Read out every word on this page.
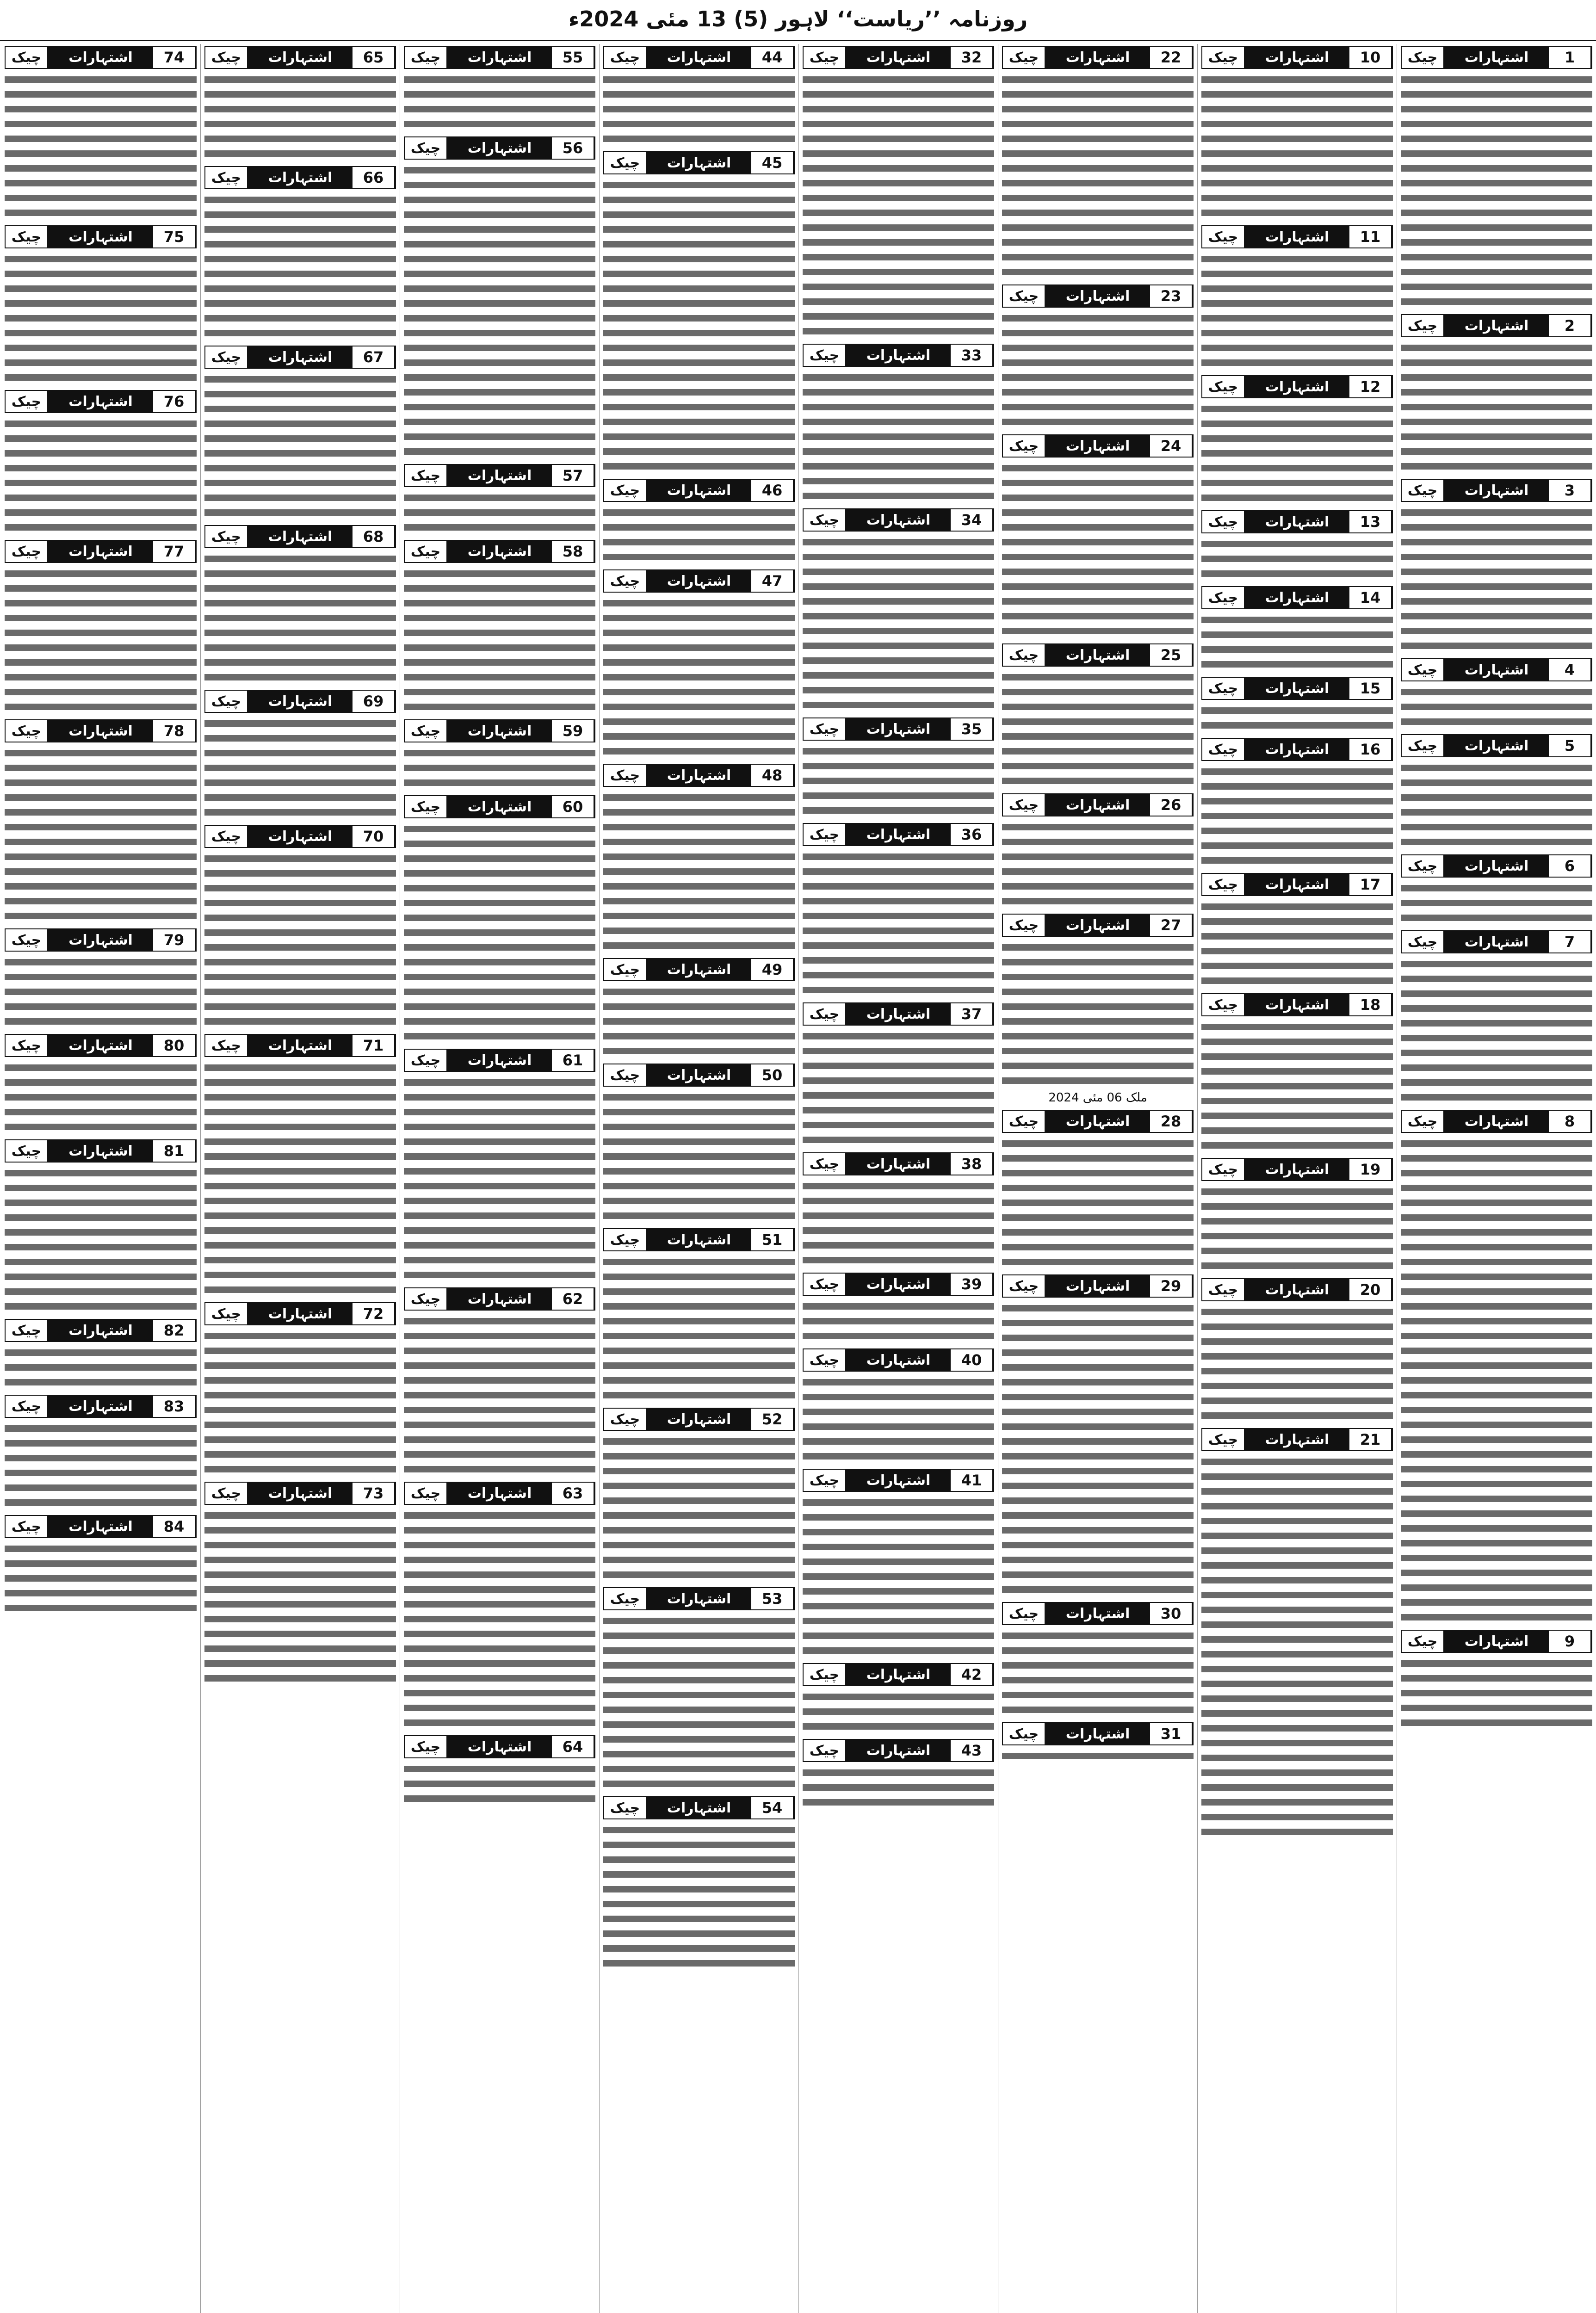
روزنامہ ’’ریاست‘‘ لاہور (5) 13 مئی 2024ء
1
اشتہارات
چیک
2
اشتہارات
چیک
3
اشتہارات
چیک
4
اشتہارات
چیک
5
اشتہارات
چیک
6
اشتہارات
چیک
7
اشتہارات
چیک
8
اشتہارات
چیک
9
اشتہارات
چیک
10
اشتہارات
چیک
11
اشتہارات
چیک
12
اشتہارات
چیک
13
اشتہارات
چیک
14
اشتہارات
چیک
15
اشتہارات
چیک
16
اشتہارات
چیک
17
اشتہارات
چیک
18
اشتہارات
چیک
19
اشتہارات
چیک
20
اشتہارات
چیک
21
اشتہارات
چیک
22
اشتہارات
چیک
23
اشتہارات
چیک
24
اشتہارات
چیک
25
اشتہارات
چیک
26
اشتہارات
چیک
27
اشتہارات
چیک
ملک 06 مئی 2024
28
اشتہارات
چیک
29
اشتہارات
چیک
30
اشتہارات
چیک
31
اشتہارات
چیک
32
اشتہارات
چیک
33
اشتہارات
چیک
34
اشتہارات
چیک
35
اشتہارات
چیک
36
اشتہارات
چیک
37
اشتہارات
چیک
38
اشتہارات
چیک
39
اشتہارات
چیک
40
اشتہارات
چیک
41
اشتہارات
چیک
42
اشتہارات
چیک
43
اشتہارات
چیک
44
اشتہارات
چیک
45
اشتہارات
چیک
46
اشتہارات
چیک
47
اشتہارات
چیک
48
اشتہارات
چیک
49
اشتہارات
چیک
50
اشتہارات
چیک
51
اشتہارات
چیک
52
اشتہارات
چیک
53
اشتہارات
چیک
54
اشتہارات
چیک
55
اشتہارات
چیک
56
اشتہارات
چیک
57
اشتہارات
چیک
58
اشتہارات
چیک
59
اشتہارات
چیک
60
اشتہارات
چیک
61
اشتہارات
چیک
62
اشتہارات
چیک
63
اشتہارات
چیک
64
اشتہارات
چیک
65
اشتہارات
چیک
66
اشتہارات
چیک
67
اشتہارات
چیک
68
اشتہارات
چیک
69
اشتہارات
چیک
70
اشتہارات
چیک
71
اشتہارات
چیک
72
اشتہارات
چیک
73
اشتہارات
چیک
74
اشتہارات
چیک
75
اشتہارات
چیک
76
اشتہارات
چیک
77
اشتہارات
چیک
78
اشتہارات
چیک
79
اشتہارات
چیک
80
اشتہارات
چیک
81
اشتہارات
چیک
82
اشتہارات
چیک
83
اشتہارات
چیک
84
اشتہارات
چیک
